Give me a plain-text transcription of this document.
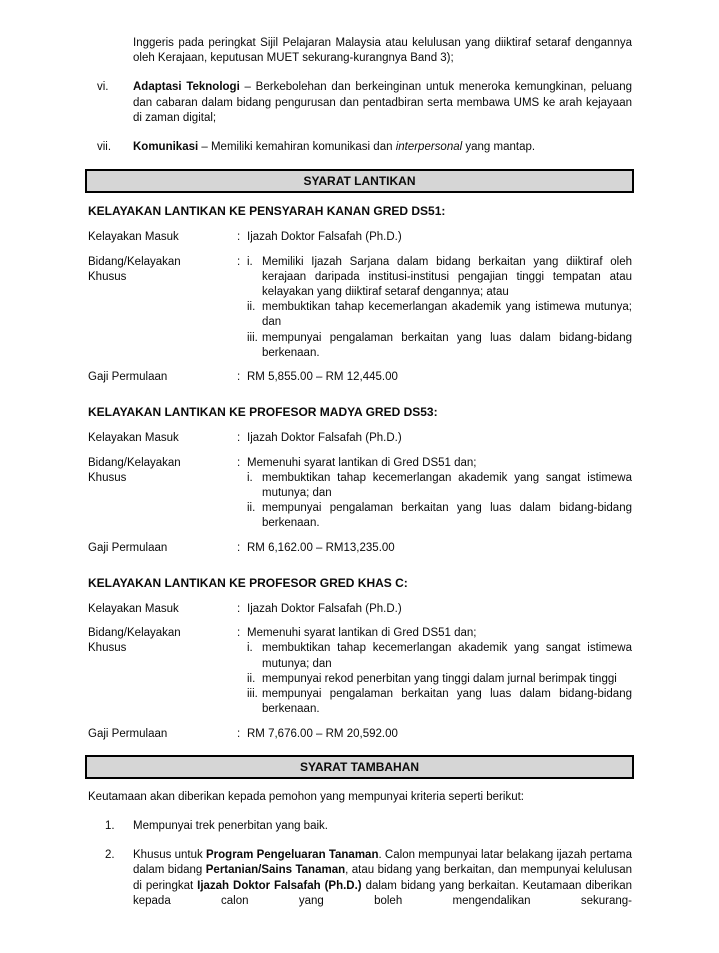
Inggeris pada peringkat Sijil Pelajaran Malaysia atau kelulusan yang diiktiraf setaraf dengannya oleh Kerajaan, keputusan MUET sekurang-kurangnya Band 3);

vi.	Adaptasi Teknologi – Berkebolehan dan berkeinginan untuk meneroka kemungkinan, peluang dan cabaran dalam bidang pengurusan dan pentadbiran serta membawa UMS ke arah kejayaan di zaman digital;
vii.	Komunikasi – Memiliki kemahiran komunikasi dan interpersonal yang mantap.
SYARAT LANTIKAN
KELAYAKAN LANTIKAN KE PENSYARAH KANAN GRED DS51:
Kelayakan Masuk	: Ijazah Doktor Falsafah (Ph.D.)
Bidang/Kelayakan
Khusus
: i. Memiliki Ijazah Sarjana dalam bidang berkaitan yang diiktiraf oleh kerajaan daripada institusi-institusi pengajian tinggi tempatan atau kelayakan yang diiktiraf setaraf dengannya; atau
ii. membuktikan tahap kecemerlangan akademik yang istimewa mutunya; dan
iii. mempunyai pengalaman berkaitan yang luas dalam bidang-bidang berkenaan.
Gaji Permulaan	: RM 5,855.00 – RM 12,445.00
KELAYAKAN LANTIKAN KE PROFESOR MADYA GRED DS53:
Kelayakan Masuk	: Ijazah Doktor Falsafah (Ph.D.)
Bidang/Kelayakan
Khusus
: Memenuhi syarat lantikan di Gred DS51 dan;
i. membuktikan tahap kecemerlangan akademik yang sangat istimewa mutunya; dan
ii. mempunyai pengalaman berkaitan yang luas dalam bidang-bidang berkenaan.
Gaji Permulaan	: RM 6,162.00 – RM13,235.00
KELAYAKAN LANTIKAN KE PROFESOR GRED KHAS C:
Kelayakan Masuk	: Ijazah Doktor Falsafah (Ph.D.)
Bidang/Kelayakan
Khusus
: Memenuhi syarat lantikan di Gred DS51 dan;
i. membuktikan tahap kecemerlangan akademik yang sangat istimewa mutunya; dan
ii. mempunyai rekod penerbitan yang tinggi dalam jurnal berimpak tinggi
iii. mempunyai pengalaman berkaitan yang luas dalam bidang-bidang berkenaan.
Gaji Permulaan	: RM 7,676.00 – RM 20,592.00
SYARAT TAMBAHAN

Keutamaan akan diberikan kepada pemohon yang mempunyai kriteria seperti berikut:

1.	Mempunyai trek penerbitan yang baik.
2.	Khusus untuk Program Pengeluaran Tanaman. Calon mempunyai latar belakang ijazah pertama dalam bidang Pertanian/Sains Tanaman, atau bidang yang berkaitan, dan mempunyai kelulusan di peringkat Ijazah Doktor Falsafah (Ph.D.) dalam bidang yang berkaitan. Keutamaan diberikan kepada calon yang boleh mengendalikan sekurang-
